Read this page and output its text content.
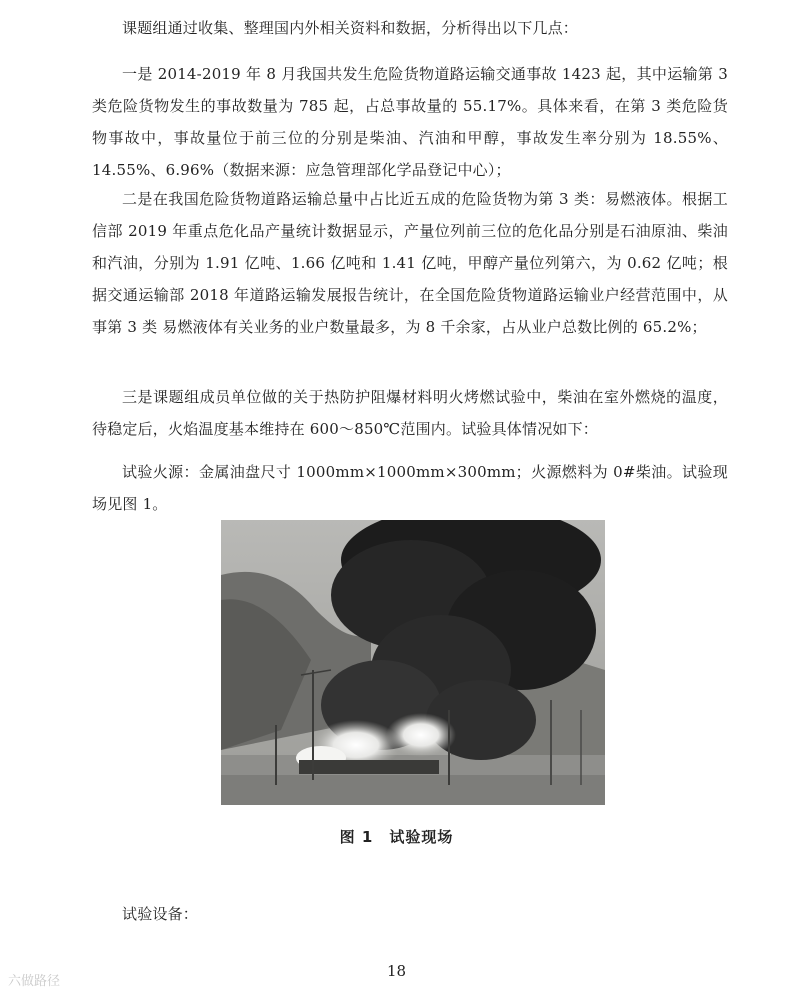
课题组通过收集、整理国内外相关资料和数据，分析得出以下几点：

一是 2014-2019 年 8 月我国共发生危险货物道路运输交通事故 1423 起，其中运输第 3 类危险货物发生的事故数量为 785 起，占总事故量的 55.17%。具体来看，在第 3 类危险货物事故中，事故量位于前三位的分别是柴油、汽油和甲醇，事故发生率分别为 18.55%、14.55%、6.96%（数据来源：应急管理部化学品登记中心）；

二是在我国危险货物道路运输总量中占比近五成的危险货物为第 3 类：易燃液体。根据工信部 2019 年重点危化品产量统计数据显示，产量位列前三位的危化品分别是石油原油、柴油和汽油，分别为 1.91 亿吨、1.66 亿吨和 1.41 亿吨，甲醇产量位列第六，为 0.62 亿吨；根据交通运输部 2018 年道路运输发展报告统计，在全国危险货物道路运输业户经营范围中，从事第 3 类 易燃液体有关业务的业户数量最多，为 8 千余家，占从业户总数比例的 65.2%；

三是课题组成员单位做的关于热防护阻爆材料明火烤燃试验中，柴油在室外燃烧的温度，待稳定后，火焰温度基本维持在 600～850℃范围内。试验具体情况如下：

试验火源：金属油盘尺寸 1000mm×1000mm×300mm；火源燃料为 0#柴油。试验现场见图 1。

图 1　试验现场

试验设备：

18
六做路径
